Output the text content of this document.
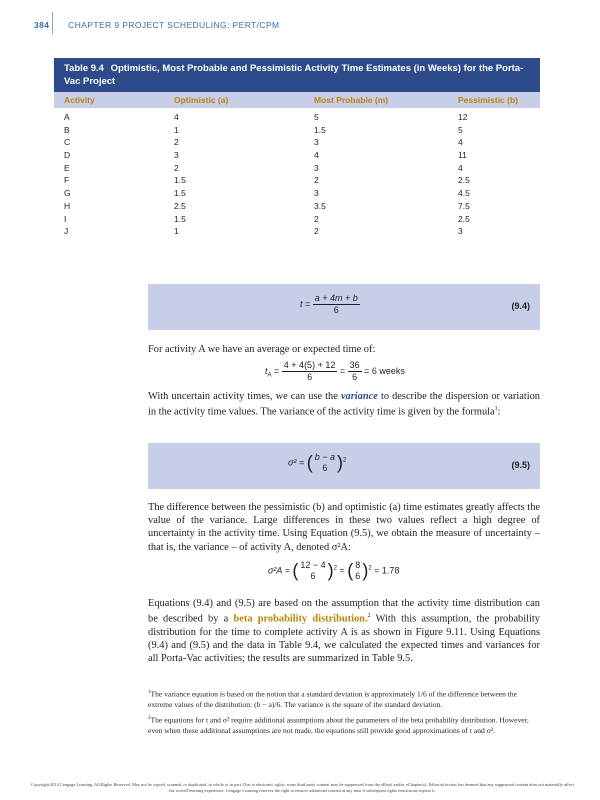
384 CHAPTER 9 PROJECT SCHEDULING: PERT/CPM
Table 9.4 Optimistic, Most Probable and Pessimistic Activity Time Estimates (in Weeks) for the Porta-Vac Project
Activity	Optimistic (a)	Most Probable (m)	Pessimistic (b)
A	4	5	12
B	1	1.5	5
C	2	3	4
D	3	4	11
E	2	3	4
F	1.5	2	2.5
G	1.5	3	4.5
H	2.5	3.5	7.5
I	1.5	2	2.5
J	1	2	3
$t = \frac{a + 4m + b}{6}$	(9.4)
For activity A we have an average or expected time of:
$t_A = \frac{4 + 4(5) + 12}{6} = \frac{36}{6} = 6$ weeks
With uncertain activity times, we can use the variance to describe the dispersion or variation in the activity time values. The variance of the activity time is given by the formula$^1$:
σ² = ( b − a
6 )$^2$	(9.5)
The difference between the pessimistic (b) and optimistic (a) time estimates greatly affects the value of the variance. Large differences in these two values reflect a high degree of uncertainty in the activity time. Using Equation (9.5), we obtain the measure of uncertainty – that is, the variance – of activity A, denoted σ²A:
σ²A = ( 12 − 4
6 )$^2$ = ( 8
6 )$^2$ = 1.78
Equations (9.4) and (9.5) are based on the assumption that the activity time distribution can be described by a beta probability distribution.$^2$ With this assumption, the probability distribution for the time to complete activity A is as shown in Figure 9.11. Using Equations (9.4) and (9.5) and the data in Table 9.4, we calculated the expected times and variances for all Porta-Vac activities; the results are summarized in Table 9.5.
$^1$The variance equation is based on the notion that a standard deviation is approximately 1/6 of the difference between the extreme values of the distribution: (b − a)/6. The variance is the square of the standard deviation.
$^2$The equations for t and σ² require additional assumptions about the parameters of the beta probability distribution. However, even when these additional assumptions are not made, the equations still provide good approximations of t and σ².
Copyright 2014 Cengage Learning. All Rights Reserved. May not be copied, scanned, or duplicated, in whole or in part. Due to electronic rights, some third party content may be suppressed from the eBook and/or eChapter(s). Editorial review has deemed that any suppressed content does not materially affect the overall learning experience. Cengage Learning reserves the right to remove additional content at any time if subsequent rights restrictions require it.
